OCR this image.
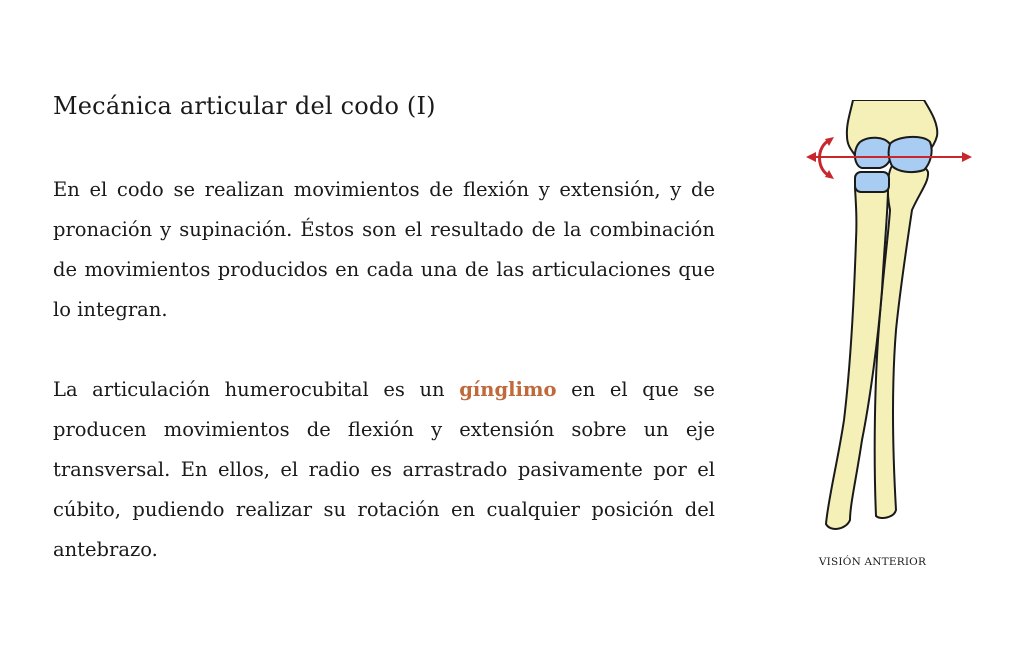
Mecánica articular del codo (I)

En el codo se realizan movimientos de flexión y extensión, y de pronación y supinación. Éstos son el resultado de la combinación de movimientos producidos en cada una de las articulaciones que lo integran.

La articulación humerocubital es un gínglimo en el que se producen movimientos de flexión y extensión sobre un eje transversal. En ellos, el radio es arrastrado pasivamente por el cúbito, pudiendo realizar su rotación en cualquier posición del antebrazo.

VISIÓN ANTERIOR
